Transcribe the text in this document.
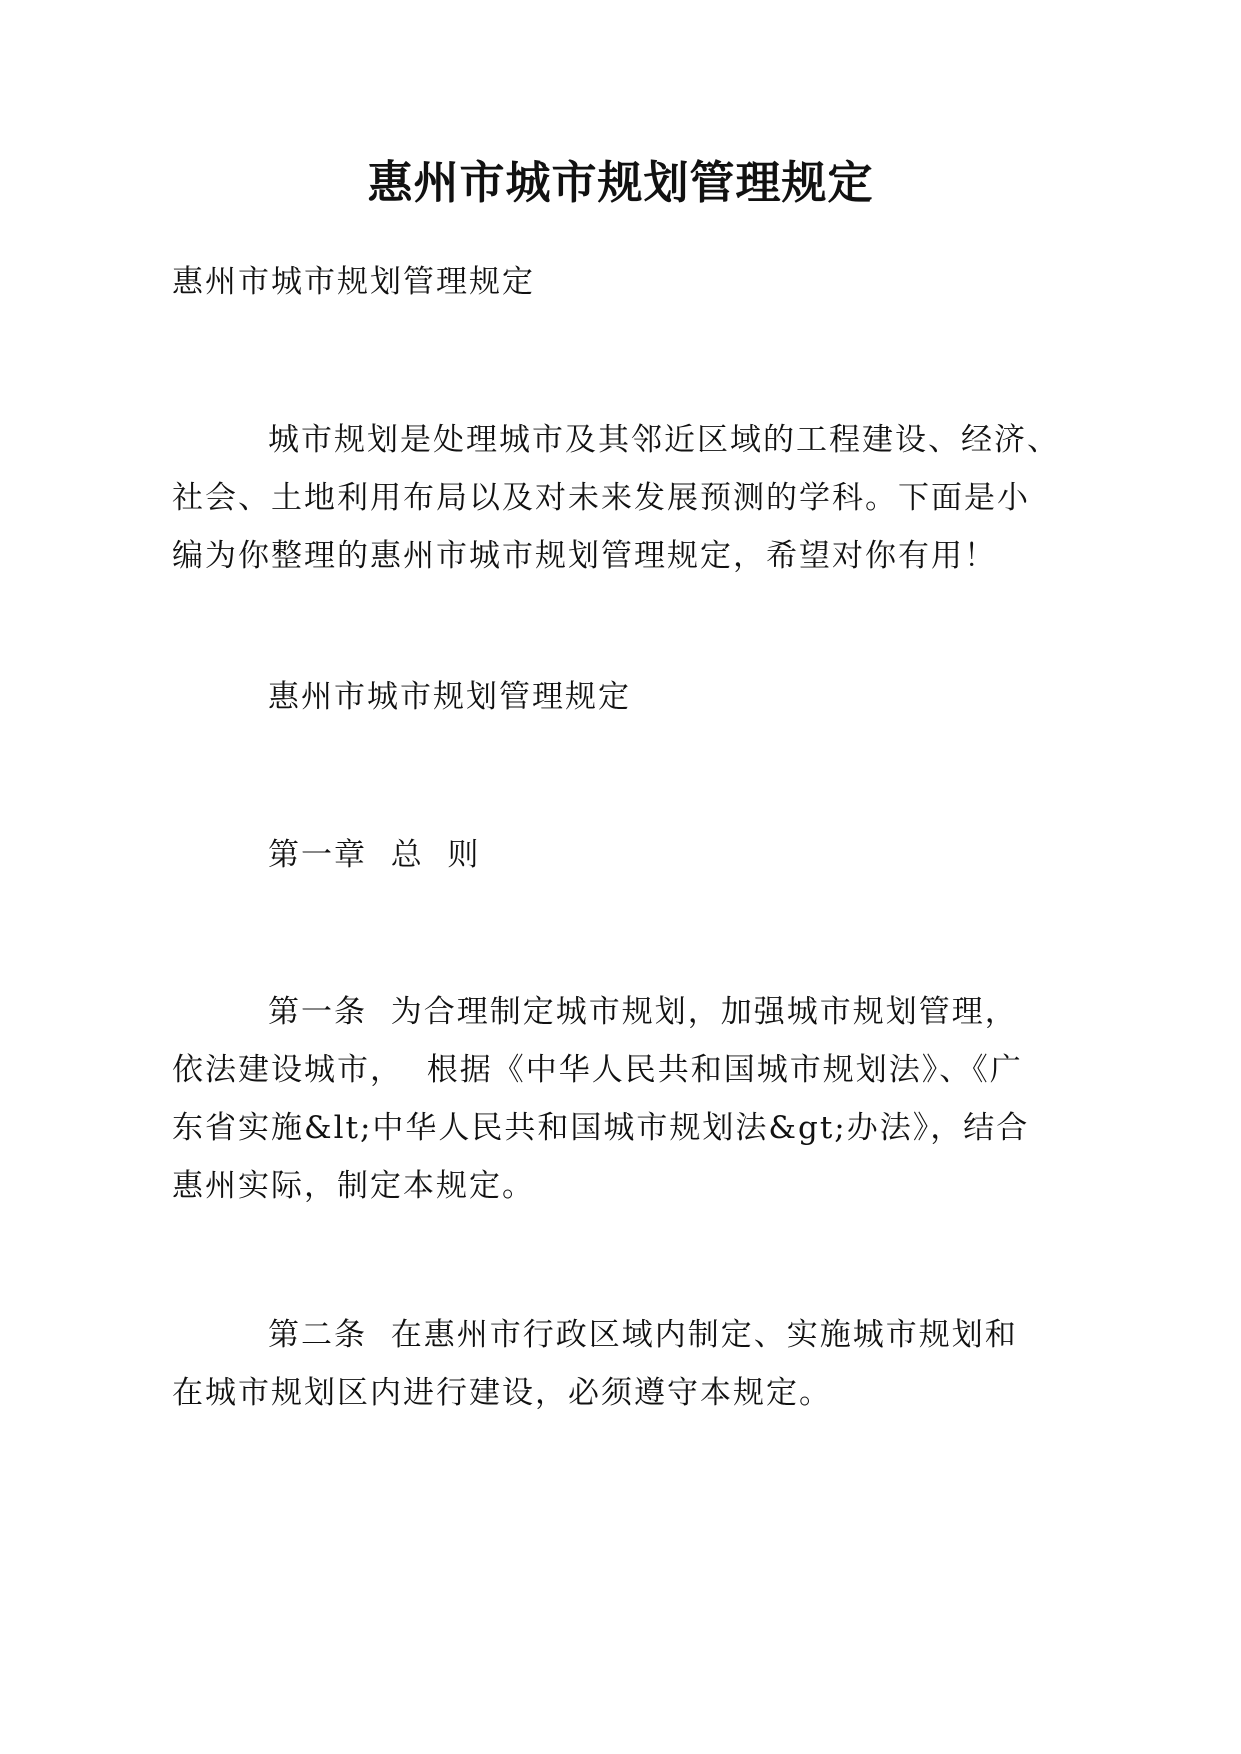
惠州市城市规划管理规定

惠州市城市规划管理规定

城市规划是处理城市及其邻近区域的工程建设、经济、
社会、土地利用布局以及对未来发展预测的学科。下面是小
编为你整理的惠州市城市规划管理规定，希望对你有用！

惠州市城市规划管理规定

第一章  总  则

第一条  为合理制定城市规划，加强城市规划管理，
依法建设城市，  根据《中华人民共和国城市规划法》、《广
东省实施&lt;中华人民共和国城市规划法&gt;办法》，结合
惠州实际，制定本规定。
第二条  在惠州市行政区域内制定、实施城市规划和
在城市规划区内进行建设，必须遵守本规定。
